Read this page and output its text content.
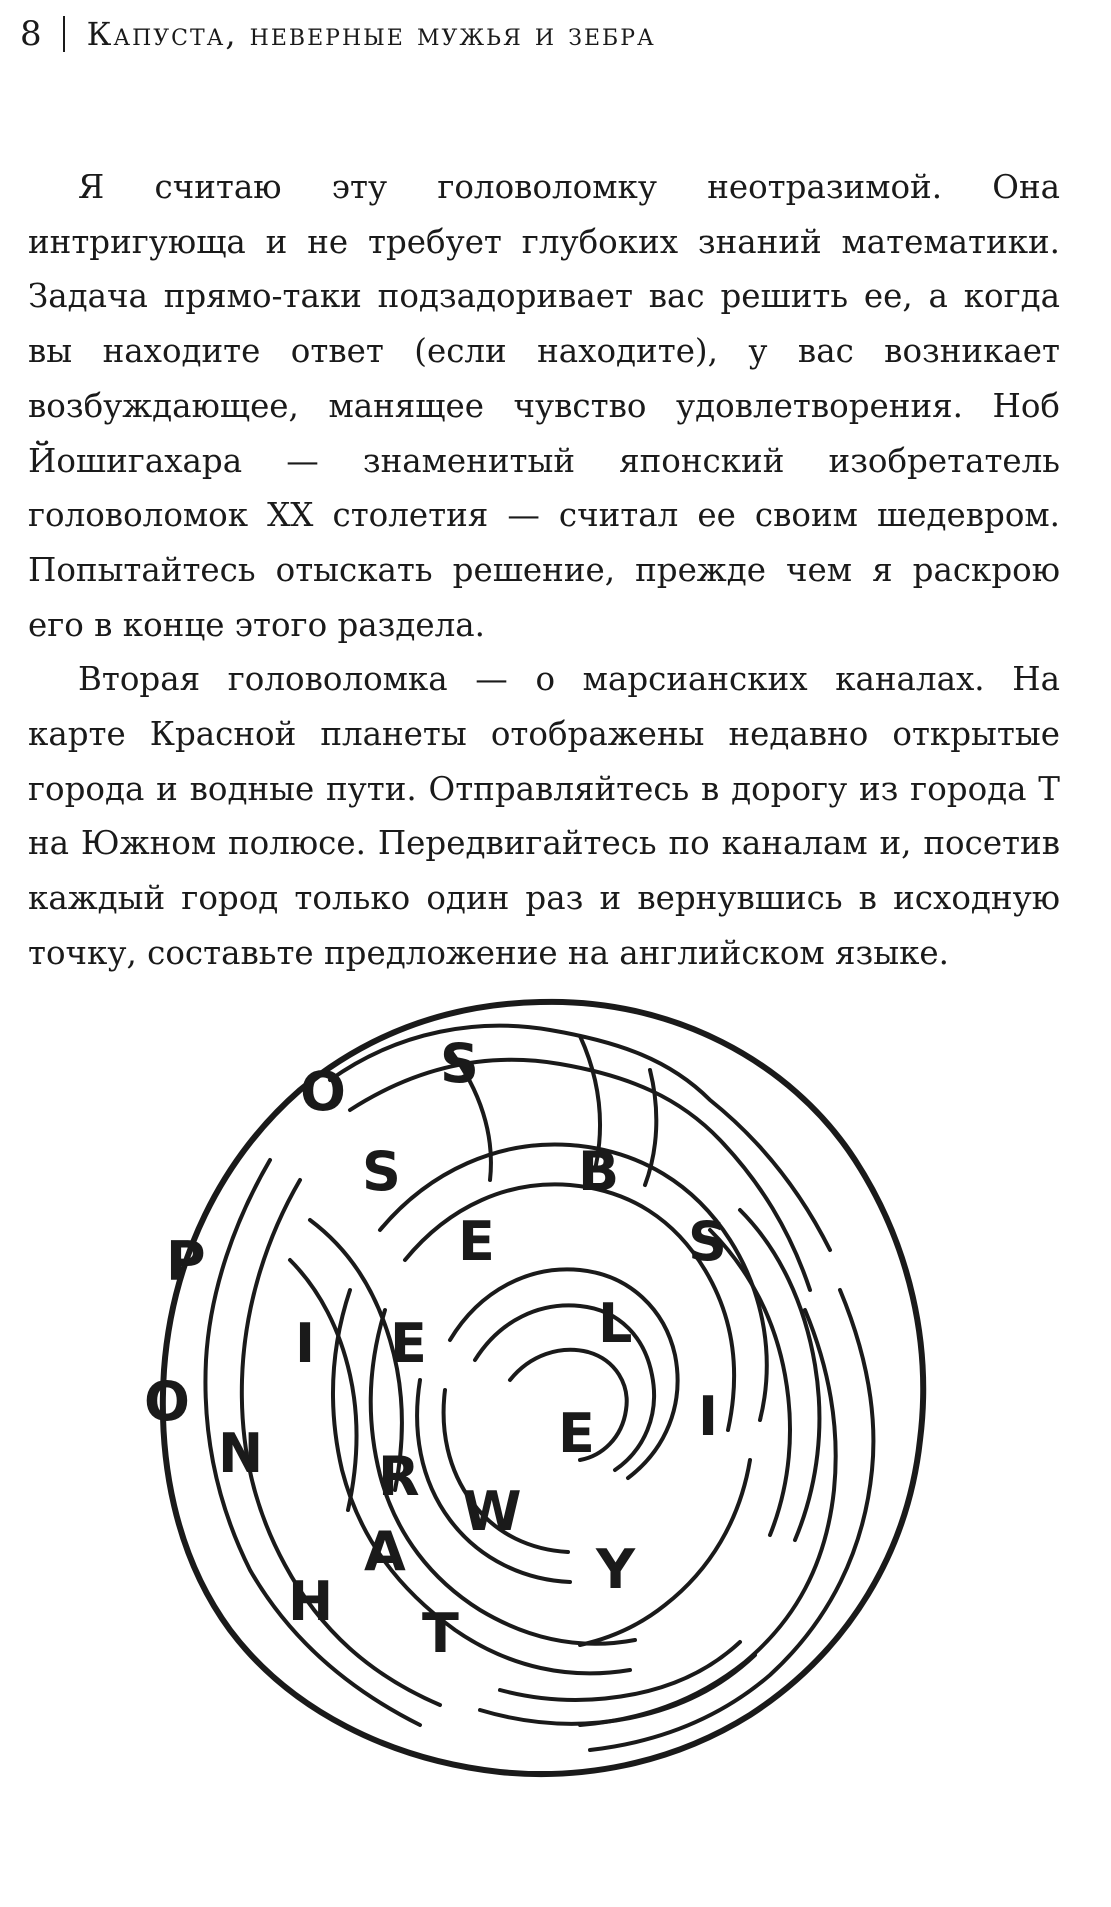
8 Капуста, неверные мужья и зебра

Я считаю эту головоломку неотразимой. Она интригующа и не требует глубоких знаний математики. Задача прямо-таки подзадоривает вас решить ее, а когда вы находите ответ (если находите), у вас возникает возбуждающее, манящее чувство удовлетворения. Ноб Йошигахара — знаменитый японский изобретатель головоломок XX столетия — считал ее своим шедевром. Попытайтесь отыскать решение, прежде чем я раскрою его в конце этого раздела.

Вторая головоломка — о марсианских каналах. На карте Красной планеты отображены недавно открытые города и водные пути. Отправляйтесь в дорогу из города T на Южном полюсе. Передвигайтесь по каналам и, посетив каждый город только один раз и вернувшись в исходную точку, составьте предложение на английском языке.

O S
S	B
S
P	E
I E	L
O	I
N	E
R
W
A
H
Y
T
